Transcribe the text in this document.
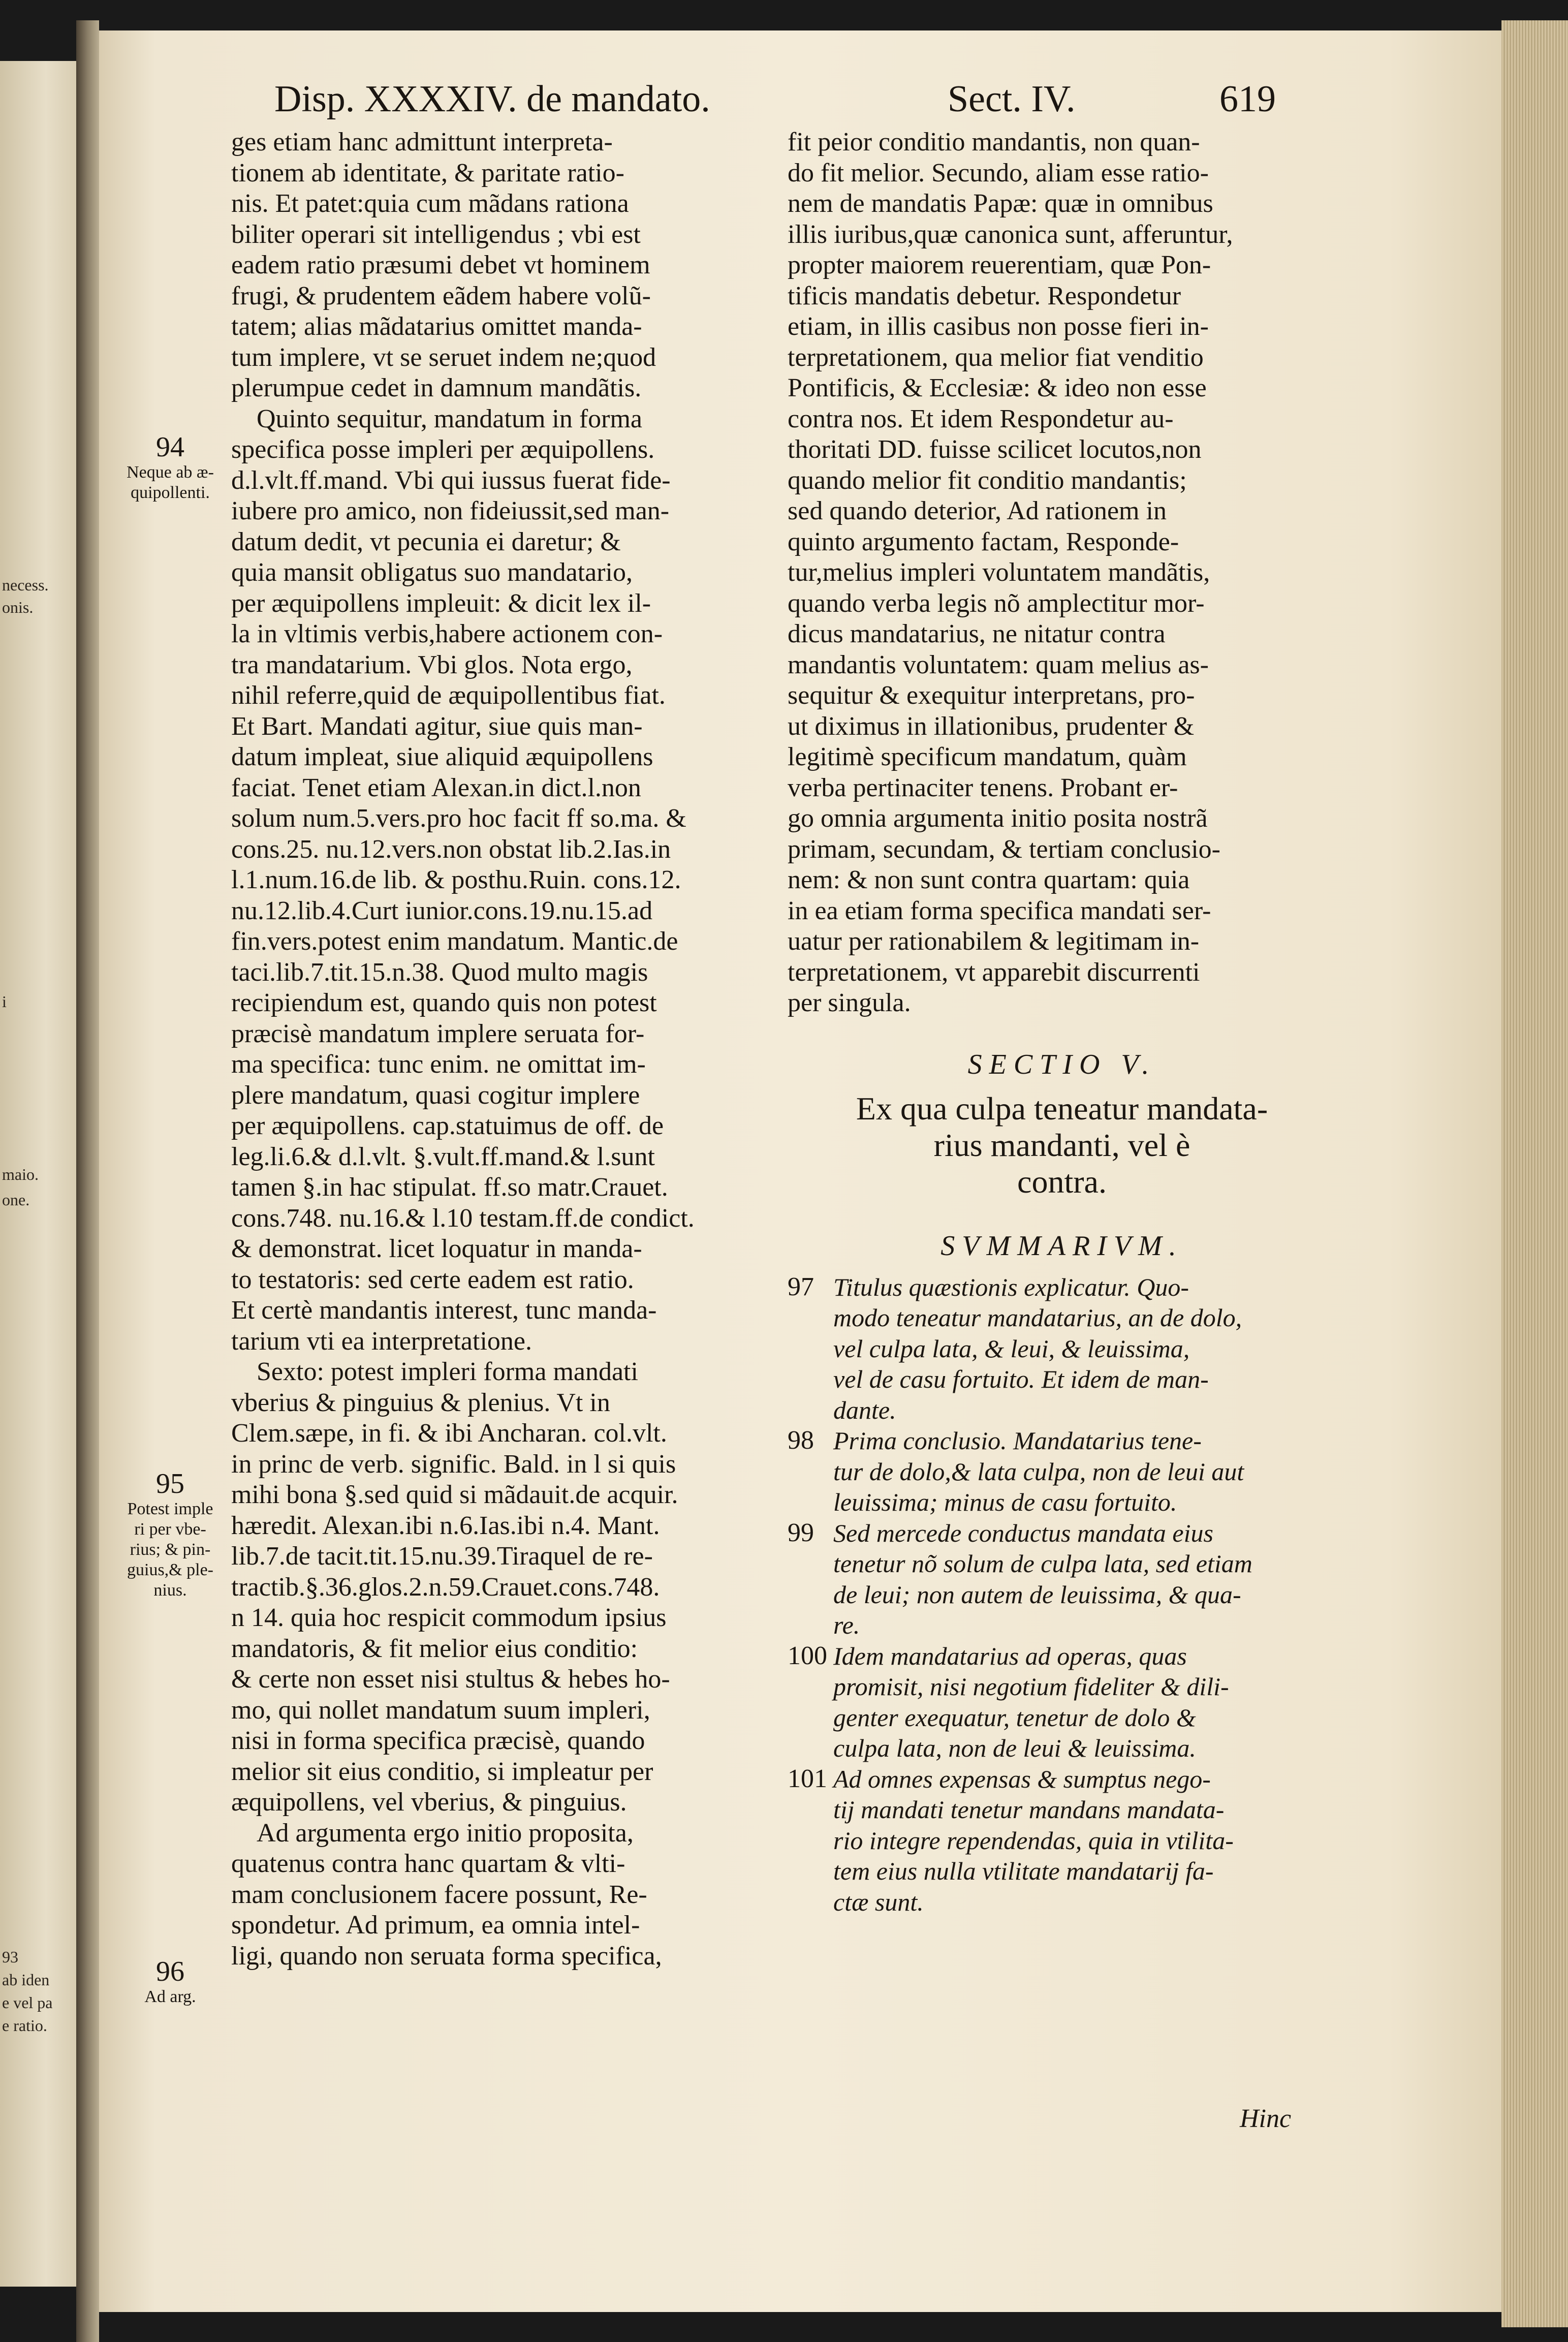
necess.
onis.
i
maio.
one.
93
ab iden
e vel pa
e ratio.
Disp. XXXXIV. de mandato.	Sect. IV.	619
94
Neque ab æ-
quipollenti.
95
Potest imple
ri per vbe-
rius; & pin-
guius,& ple-
nius.
96
Ad arg.
ges etiam hanc admittunt interpreta-
tionem ab identitate, & paritate ratio-
nis. Et patet:quia cum mãdans rationa
biliter operari sit intelligendus ; vbi est
eadem ratio præsumi debet vt hominem
frugi, & prudentem eãdem habere volũ-
tatem; alias mãdatarius omittet manda-
tum implere, vt se seruet indem ne;quod
plerumpue cedet in damnum mandãtis.
Quinto sequitur, mandatum in forma
specifica posse impleri per æquipollens.
d.l.vlt.ff.mand. Vbi qui iussus fuerat fide-
iubere pro amico, non fideiussit,sed man-
datum dedit, vt pecunia ei daretur; &
quia mansit obligatus suo mandatario,
per æquipollens impleuit: & dicit lex il-
la in vltimis verbis,habere actionem con-
tra mandatarium. Vbi glos. Nota ergo,
nihil referre,quid de æquipollentibus fiat.
Et Bart. Mandati agitur, siue quis man-
datum impleat, siue aliquid æquipollens
faciat. Tenet etiam Alexan.in dict.l.non
solum num.5.vers.pro hoc facit ff so.ma. &
cons.25. nu.12.vers.non obstat lib.2.Ias.in
l.1.num.16.de lib. & posthu.Ruin. cons.12.
nu.12.lib.4.Curt iunior.cons.19.nu.15.ad
fin.vers.potest enim mandatum. Mantic.de
taci.lib.7.tit.15.n.38. Quod multo magis
recipiendum est, quando quis non potest
præcisè mandatum implere seruata for-
ma specifica: tunc enim. ne omittat im-
plere mandatum, quasi cogitur implere
per æquipollens. cap.statuimus de off. de
leg.li.6.& d.l.vlt. §.vult.ff.mand.& l.sunt
tamen §.in hac stipulat. ff.so matr.Crauet.
cons.748. nu.16.& l.10 testam.ff.de condict.
& demonstrat. licet loquatur in manda-
to testatoris: sed certe eadem est ratio.
Et certè mandantis interest, tunc manda-
tarium vti ea interpretatione.
Sexto: potest impleri forma mandati
vberius & pinguius & plenius. Vt in
Clem.sæpe, in fi. & ibi Ancharan. col.vlt.
in princ de verb. signific. Bald. in l si quis
mihi bona §.sed quid si mãdauit.de acquir.
hæredit. Alexan.ibi n.6.Ias.ibi n.4. Mant.
lib.7.de tacit.tit.15.nu.39.Tiraquel de re-
tractib.§.36.glos.2.n.59.Crauet.cons.748.
n 14. quia hoc respicit commodum ipsius
mandatoris, & fit melior eius conditio:
& certe non esset nisi stultus & hebes ho-
mo, qui nollet mandatum suum impleri,
nisi in forma specifica præcisè, quando
melior sit eius conditio, si impleatur per
æquipollens, vel vberius, & pinguius.
Ad argumenta ergo initio proposita,
quatenus contra hanc quartam & vlti-
mam conclusionem facere possunt, Re-
spondetur. Ad primum, ea omnia intel-
ligi, quando non seruata forma specifica,
fit peior conditio mandantis, non quan-
do fit melior. Secundo, aliam esse ratio-
nem de mandatis Papæ: quæ in omnibus
illis iuribus,quæ canonica sunt, afferuntur,
propter maiorem reuerentiam, quæ Pon-
tificis mandatis debetur. Respondetur
etiam, in illis casibus non posse fieri in-
terpretationem, qua melior fiat venditio
Pontificis, & Ecclesiæ: & ideo non esse
contra nos. Et idem Respondetur au-
thoritati DD. fuisse scilicet locutos,non
quando melior fit conditio mandantis;
sed quando deterior, Ad rationem in
quinto argumento factam, Responde-
tur,melius impleri voluntatem mandãtis,
quando verba legis nõ amplectitur mor-
dicus mandatarius, ne nitatur contra
mandantis voluntatem: quam melius as-
sequitur & exequitur interpretans, pro-
ut diximus in illationibus, prudenter &
legitimè specificum mandatum, quàm
verba pertinaciter tenens. Probant er-
go omnia argumenta initio posita nostrã
primam, secundam, & tertiam conclusio-
nem: & non sunt contra quartam: quia
in ea etiam forma specifica mandati ser-
uatur per rationabilem & legitimam in-
terpretationem, vt apparebit discurrenti
per singula.
SECTIO V.
Ex qua culpa teneatur mandata-
rius mandanti, vel è
contra.
SVMMARIVM.
97 Titulus quæstionis explicatur. Quo-
modo teneatur mandatarius, an de dolo,
vel culpa lata, & leui, & leuissima,
vel de casu fortuito. Et idem de man-
dante.
98 Prima conclusio. Mandatarius tene-
tur de dolo,& lata culpa, non de leui aut
leuissima; minus de casu fortuito.
99 Sed mercede conductus mandata eius
tenetur nõ solum de culpa lata, sed etiam
de leui; non autem de leuissima, & qua-
re.
100 Idem mandatarius ad operas, quas
promisit, nisi negotium fideliter & dili-
genter exequatur, tenetur de dolo &
culpa lata, non de leui & leuissima.
101 Ad omnes expensas & sumptus nego-
tij mandati tenetur mandans mandata-
rio integre rependendas, quia in vtilita-
tem eius nulla vtilitate mandatarij fa-
ctæ sunt.
Hinc
